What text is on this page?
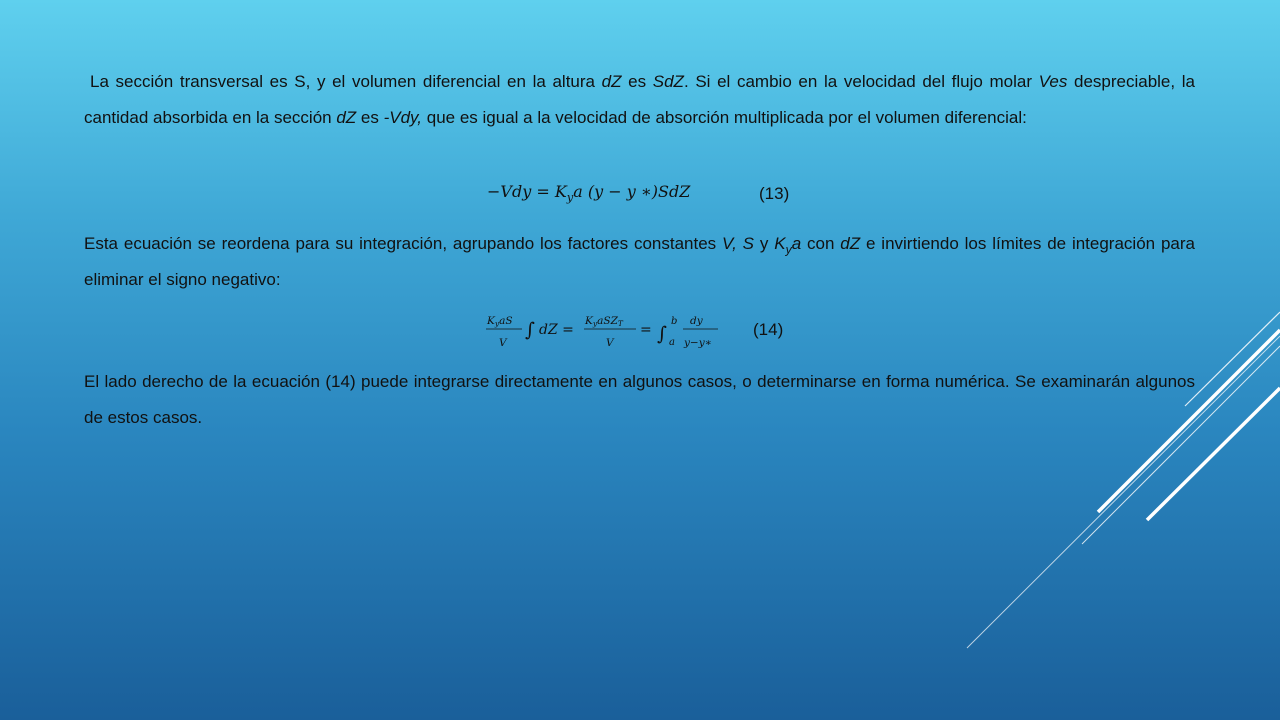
La sección transversal es S, y el volumen diferencial en la altura dZ es SdZ. Si el cambio en la velocidad del flujo molar Ves despreciable, la cantidad absorbida en la sección dZ es -Vdy, que es igual a la velocidad de absorción multiplicada por el volumen diferencial:

$-Vdy = K_ya$ (y − y ∗)SdZ	(13)

Esta ecuación se reordena para su integración, agrupando los factores constantes V, S y $K_ya$ con dZ e invirtiendo los límites de integración para eliminar el signo negativo:

KyaS
V
∫ dZ =
KyaSZT
V
= ∫
b
a
dy
y−y∗
(14)

El lado derecho de la ecuación (14) puede integrarse directamente en algunos casos, o determinarse en forma numérica. Se examinarán algunos de estos casos.
